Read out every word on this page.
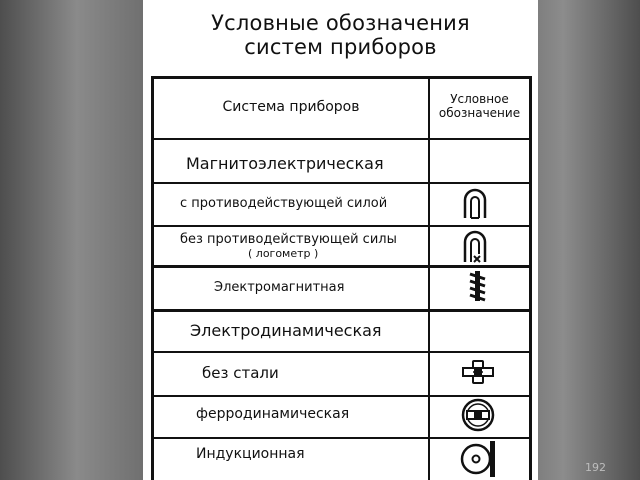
Условные обозначения
систем приборов
Система приборов	Условное
обозначение
Магнитоэлектрическая
с противодействующей силой
без противодействующей силы
( логометр )
Электромагнитная
Электродинамическая
без стали
ферродинамическая
Индукционная
192
